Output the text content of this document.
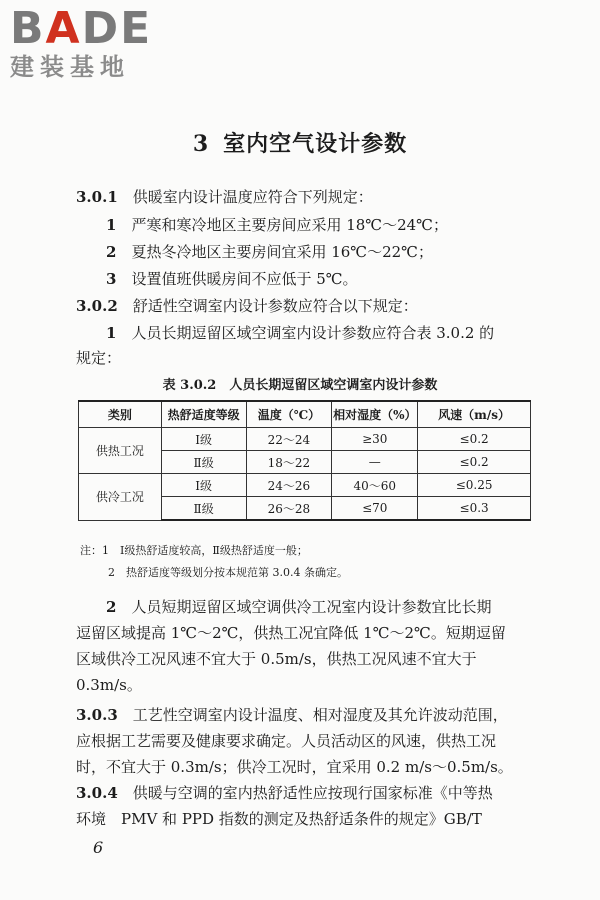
BADE
建装基地
3 室内空气设计参数
3.0.1　 供暖室内设计温度应符合下列规定：
1　 严寒和寒冷地区主要房间应采用 18℃～24℃；
2　 夏热冬冷地区主要房间宜采用 16℃～22℃；
3　 设置值班供暖房间不应低于 5℃。
3.0.2　 舒适性空调室内设计参数应符合以下规定：
1　 人员长期逗留区域空调室内设计参数应符合表 3.0.2 的
规定：
表 3.0.2　 人员长期逗留区域空调室内设计参数
类别	热舒适度等级	温度（℃）	相对湿度（%）	风速（m/s）
供热工况	Ⅰ级	22～24	≥30	≤0.2
	Ⅱ级	18～22	—	≤0.2
供冷工况	Ⅰ级	24～26	40～60	≤0.25
	Ⅱ级	26～28	≤70	≤0.3
注：1　 Ⅰ级热舒适度较高，Ⅱ级热舒适度一般；
2　 热舒适度等级划分按本规范第 3.0.4 条确定。
2　 人员短期逗留区域空调供冷工况室内设计参数宜比长期
逗留区域提高 1℃～2℃，供热工况宜降低 1℃～2℃。短期逗留
区域供冷工况风速不宜大于 0.5m/s，供热工况风速不宜大于
0.3m/s。
3.0.3　 工艺性空调室内设计温度、相对湿度及其允许波动范围，
应根据工艺需要及健康要求确定。人员活动区的风速，供热工况
时，不宜大于 0.3m/s；供冷工况时，宜采用 0.2 m/s～0.5m/s。
3.0.4　 供暖与空调的室内热舒适性应按现行国家标准《中等热
环境　PMV 和 PPD 指数的测定及热舒适条件的规定》GB/T
6
